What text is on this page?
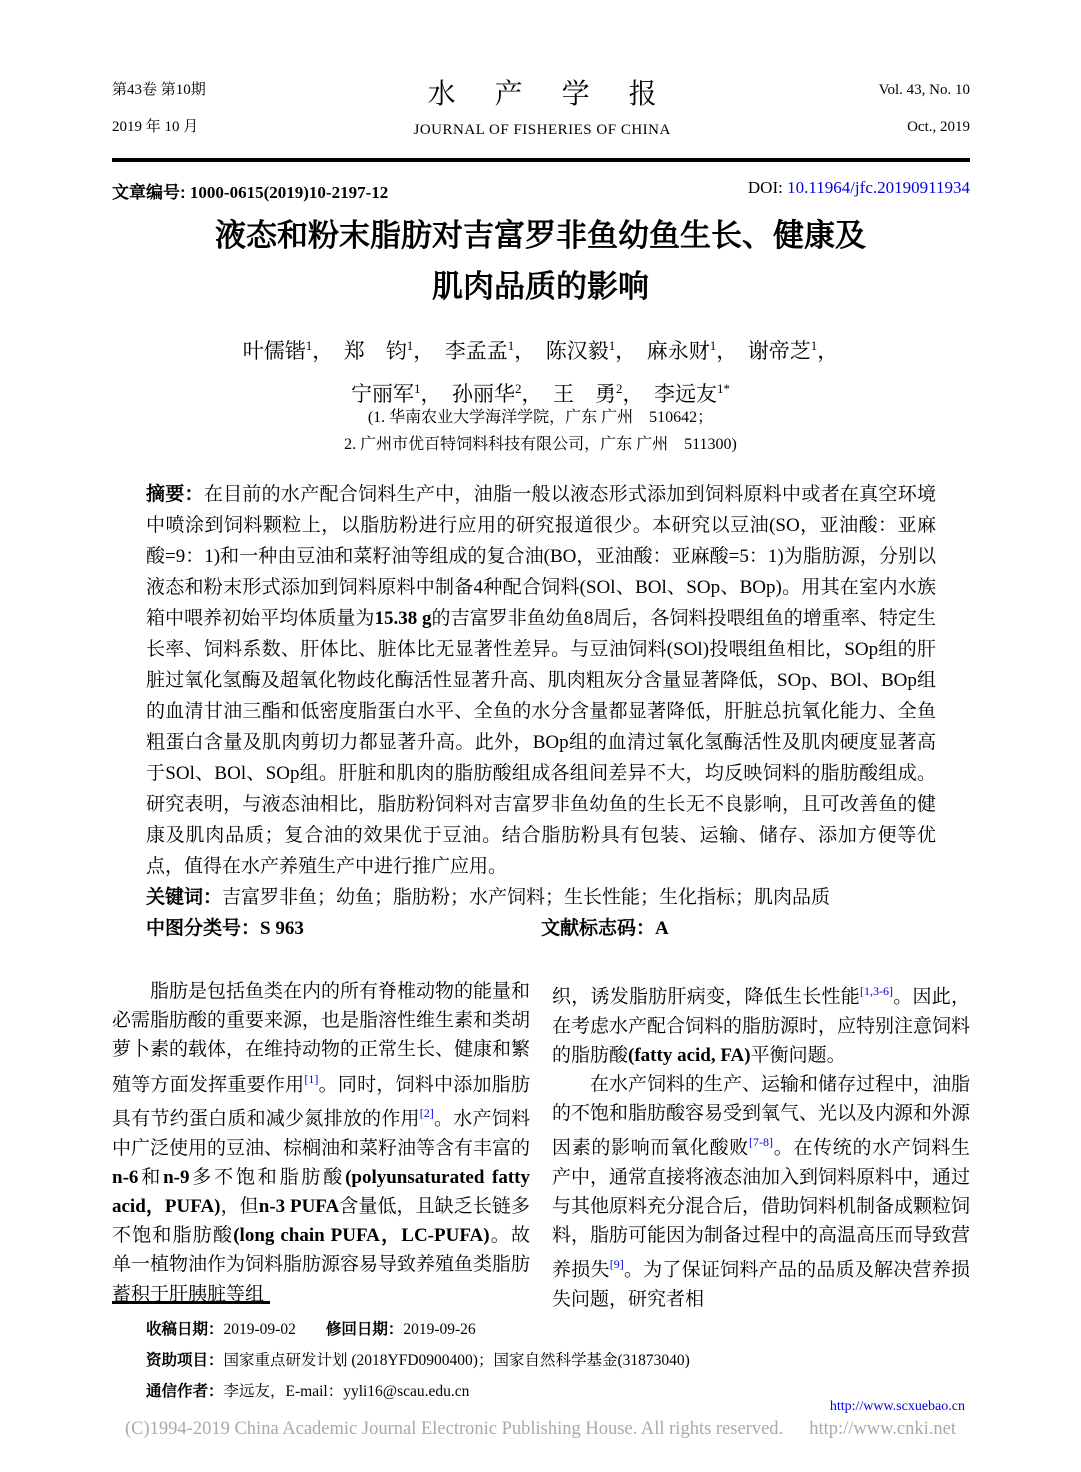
第43卷 第10期
2019 年 10 月
水 产 学 报
JOURNAL OF FISHERIES OF CHINA
Vol. 43, No. 10
Oct., 2019
文章编号: 1000-0615(2019)10-2197-12	DOI: 10.11964/jfc.20190911934
液态和粉末脂肪对吉富罗非鱼幼鱼生长、健康及
肌肉品质的影响
叶儒锴$^1$，　郑　钧$^1$，　李孟孟$^1$，　陈汉毅$^1$，　麻永财$^1$，　谢帝芝$^1$，
宁丽军$^1$，　孙丽华$^2$，　王　勇$^2$，　李远友$^{1*}$
(1. 华南农业大学海洋学院，广东 广州　510642；
2. 广州市优百特饲料科技有限公司，广东 广州　511300)

摘要：在目前的水产配合饲料生产中，油脂一般以液态形式添加到饲料原料中或者在真空环境中喷涂到饲料颗粒上，以脂肪粉进行应用的研究报道很少。本研究以豆油(SO，亚油酸：亚麻酸=9：1)和一种由豆油和菜籽油等组成的复合油(BO，亚油酸：亚麻酸=5：1)为脂肪源，分别以液态和粉末形式添加到饲料原料中制备4种配合饲料(SOl、BOl、SOp、BOp)。用其在室内水族箱中喂养初始平均体质量为15.38 g的吉富罗非鱼幼鱼8周后，各饲料投喂组鱼的增重率、特定生长率、饲料系数、肝体比、脏体比无显著性差异。与豆油饲料(SOl)投喂组鱼相比，SOp组的肝脏过氧化氢酶及超氧化物歧化酶活性显著升高、肌肉粗灰分含量显著降低，SOp、BOl、BOp组的血清甘油三酯和低密度脂蛋白水平、全鱼的水分含量都显著降低，肝脏总抗氧化能力、全鱼粗蛋白含量及肌肉剪切力都显著升高。此外，BOp组的血清过氧化氢酶活性及肌肉硬度显著高于SOl、BOl、SOp组。肝脏和肌肉的脂肪酸组成各组间差异不大，均反映饲料的脂肪酸组成。研究表明，与液态油相比，脂肪粉饲料对吉富罗非鱼幼鱼的生长无不良影响，且可改善鱼的健康及肌肉品质；复合油的效果优于豆油。结合脂肪粉具有包装、运输、储存、添加方便等优点，值得在水产养殖生产中进行推广应用。

关键词：吉富罗非鱼；幼鱼；脂肪粉；水产饲料；生长性能；生化指标；肌肉品质

中图分类号：S 963	文献标志码：A

脂肪是包括鱼类在内的所有脊椎动物的能量和必需脂肪酸的重要来源，也是脂溶性维生素和类胡萝卜素的载体，在维持动物的正常生长、健康和繁殖等方面发挥重要作用[1]。同时，饲料中添加脂肪具有节约蛋白质和减少氮排放的作用[2]。水产饲料中广泛使用的豆油、棕榈油和菜籽油等含有丰富的n-6和n-9多不饱和脂肪酸(polyunsaturated fatty acid，PUFA)，但n-3 PUFA含量低，且缺乏长链多不饱和脂肪酸(long chain PUFA，LC-PUFA)。故单一植物油作为饲料脂肪源容易导致养殖鱼类脂肪蓄积于肝胰脏等组

织，诱发脂肪肝病变，降低生长性能[1,3-6]。因此，在考虑水产配合饲料的脂肪源时，应特别注意饲料的脂肪酸(fatty acid, FA)平衡问题。

在水产饲料的生产、运输和储存过程中，油脂的不饱和脂肪酸容易受到氧气、光以及内源和外源因素的影响而氧化酸败[7-8]。在传统的水产饲料生产中，通常直接将液态油加入到饲料原料中，通过与其他原料充分混合后，借助饲料机制备成颗粒饲料，脂肪可能因为制备过程中的高温高压而导致营养损失[9]。为了保证饲料产品的品质及解决营养损失问题，研究者相

收稿日期：2019-09-02 修回日期：2019-09-26
资助项目：国家重点研发计划 (2018YFD0900400)；国家自然科学基金(31873040)
通信作者：李远友，E-mail：yyli16@scau.edu.cn
http://www.scxuebao.cn
(C)1994-2019 China Academic Journal Electronic Publishing House. All rights reserved. http://www.cnki.net
